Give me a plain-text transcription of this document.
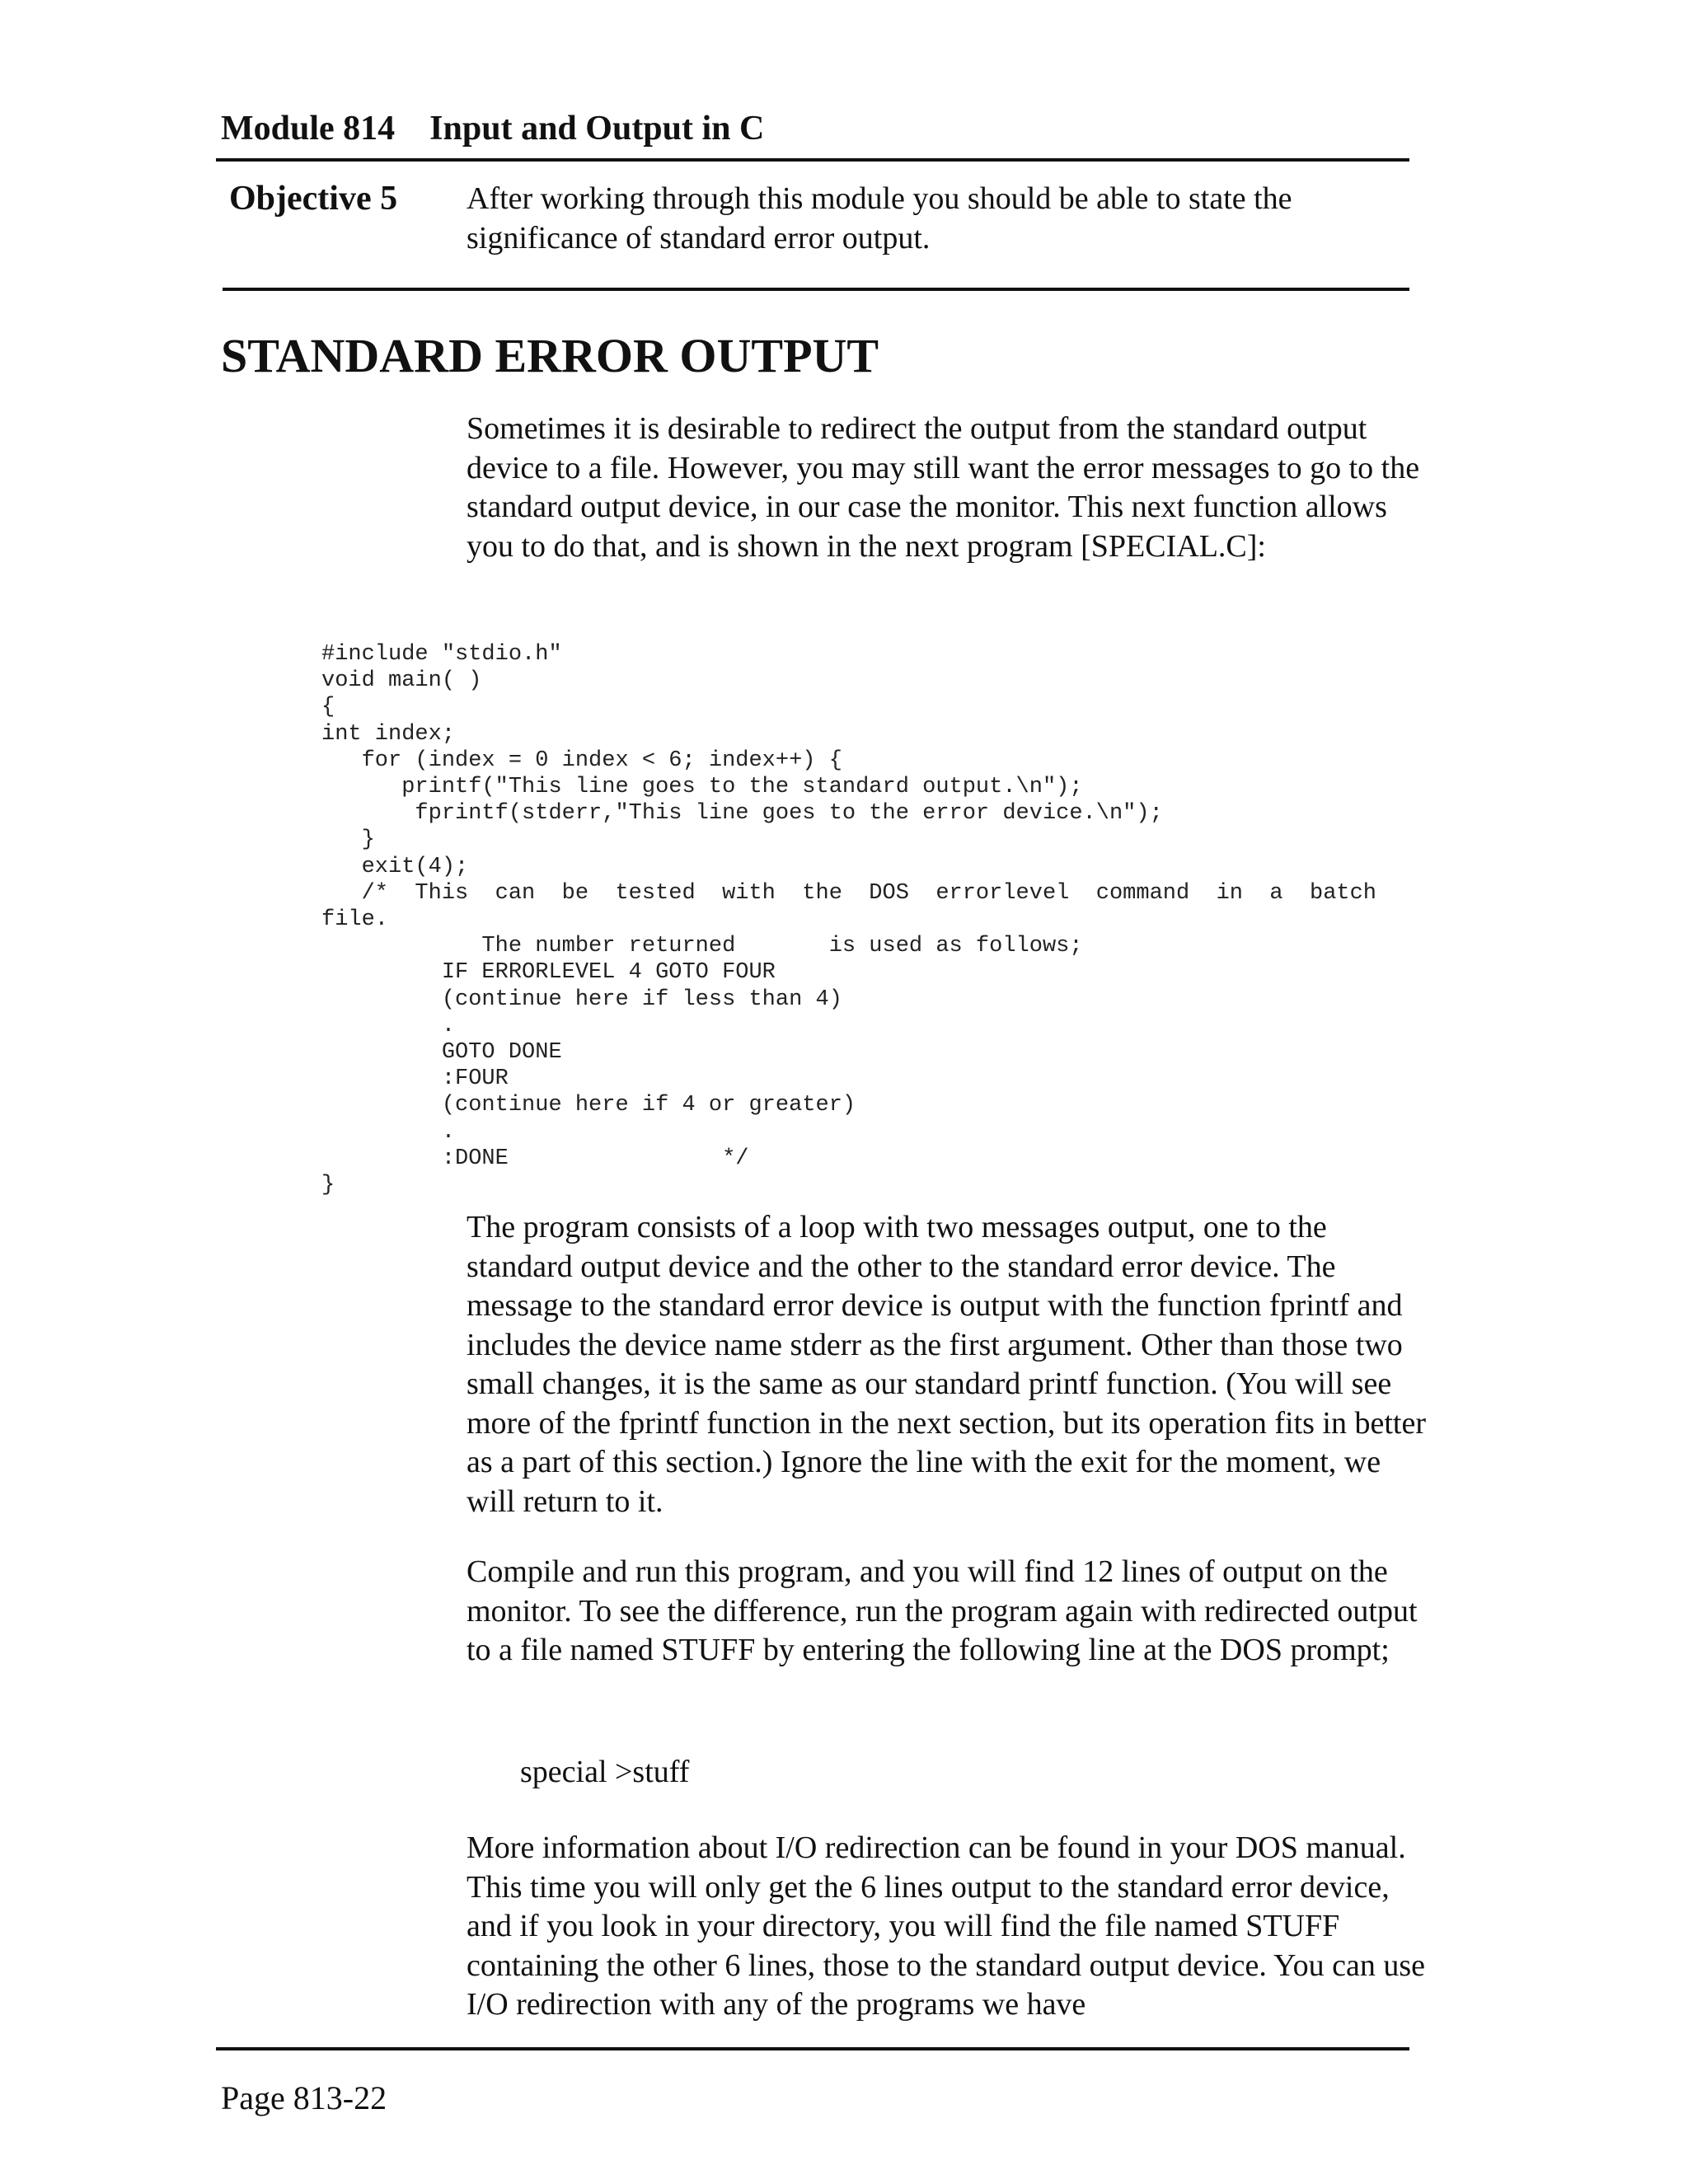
Module 814 Input and Output in C
Objective 5 After working through this module you should be able to state the significance of standard error output.
STANDARD ERROR OUTPUT
Sometimes it is desirable to redirect the output from the standard output device to a file. However, you may still want the error messages to go to the standard output device, in our case the monitor. This next function allows you to do that, and is shown in the next program [SPECIAL.C]:
#include "stdio.h"
void main( )
{
int index;
for (index = 0 index < 6; index++) {
printf("This line goes to the standard output.\n");
fprintf(stderr,"This line goes to the error device.\n");
}
exit(4);
/*  This  can  be  tested  with  the  DOS  errorlevel  command  in  a  batch
file.
The number returned       is used as follows;
IF ERRORLEVEL 4 GOTO FOUR
(continue here if less than 4)
.
GOTO DONE
:FOUR
(continue here if 4 or greater)
.
:DONE                */
}
The program consists of a loop with two messages output, one to the standard output device and the other to the standard error device. The message to the standard error device is output with the function fprintf and includes the device name stderr as the first argument. Other than those two small changes, it is the same as our standard printf function. (You will see more of the fprintf function in the next section, but its operation fits in better as a part of this section.) Ignore the line with the exit for the moment, we will return to it.
Compile and run this program, and you will find 12 lines of output on the monitor. To see the difference, run the program again with redirected output to a file named STUFF by entering the following line at the DOS prompt;
special >stuff
More information about I/O redirection can be found in your DOS manual. This time you will only get the 6 lines output to the standard error device, and if you look in your directory, you will find the file named STUFF containing the other 6 lines, those to the standard output device. You can use I/O redirection with any of the programs we have
Page 813-22
